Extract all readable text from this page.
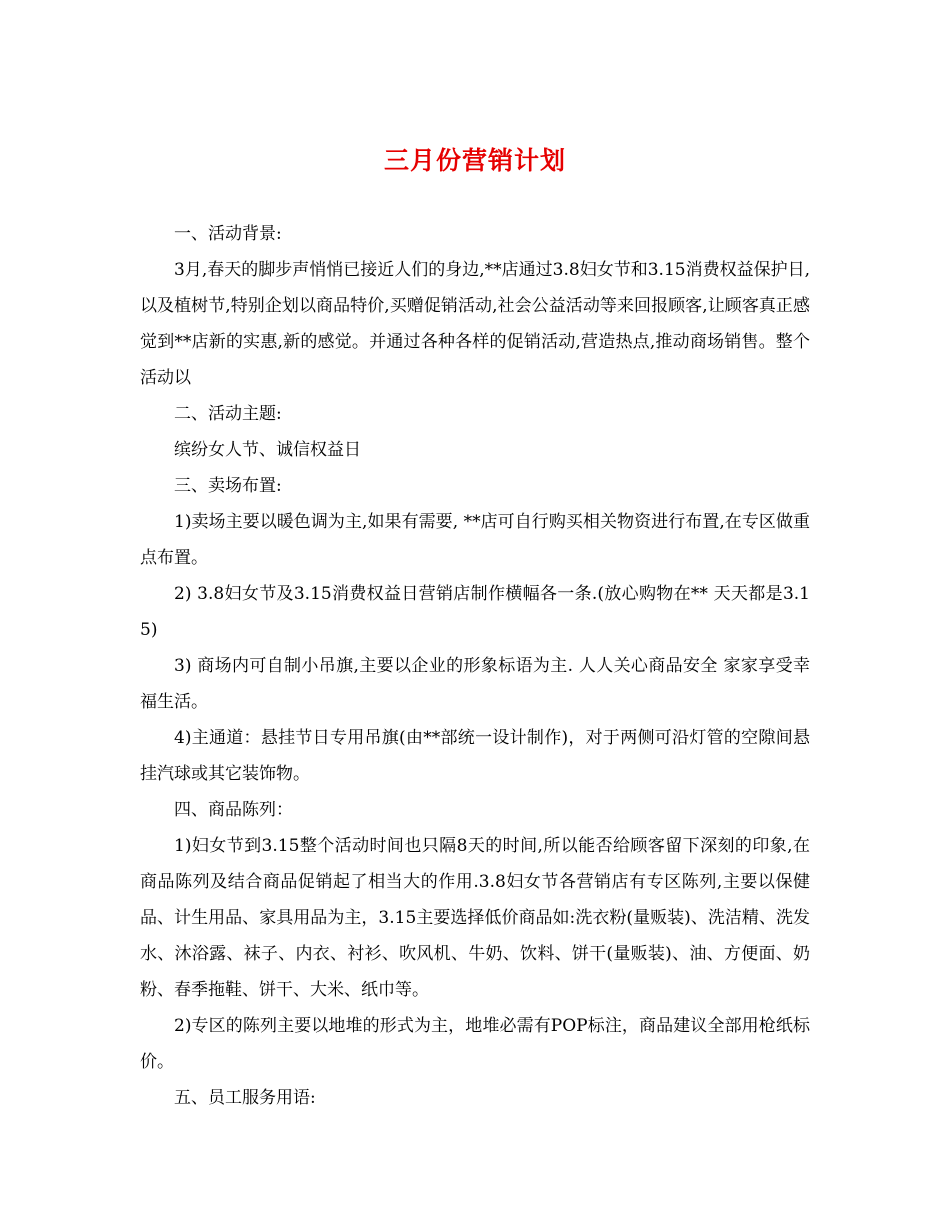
三月份营销计划

一、活动背景:

3月,春天的脚步声悄悄已接近人们的身边,**店通过3.8妇女节和3.15消费权益保护日,以及植树节,特别企划以商品特价,买赠促销活动,社会公益活动等来回报顾客,让顾客真正感觉到**店新的实惠,新的感觉。并通过各种各样的促销活动,营造热点,推动商场销售。整个活动以

二、活动主题:

缤纷女人节、诚信权益日

三、卖场布置:

1)卖场主要以暖色调为主,如果有需要, **店可自行购买相关物资进行布置,在专区做重点布置。

2) 3.8妇女节及3.15消费权益日营销店制作横幅各一条.(放心购物在** 天天都是3.15)

3) 商场内可自制小吊旗,主要以企业的形象标语为主. 人人关心商品安全 家家享受幸福生活。

4)主通道：悬挂节日专用吊旗(由**部统一设计制作)，对于两侧可沿灯管的空隙间悬挂汽球或其它装饰物。

四、商品陈列：

1)妇女节到3.15整个活动时间也只隔8天的时间,所以能否给顾客留下深刻的印象,在商品陈列及结合商品促销起了相当大的作用.3.8妇女节各营销店有专区陈列,主要以保健品、计生用品、家具用品为主，3.15主要选择低价商品如:洗衣粉(量贩装)、洗洁精、洗发水、沐浴露、袜子、内衣、衬衫、吹风机、牛奶、饮料、饼干(量贩装)、油、方便面、奶粉、春季拖鞋、饼干、大米、纸巾等。

2)专区的陈列主要以地堆的形式为主，地堆必需有POP标注，商品建议全部用枪纸标价。

五、员工服务用语:
